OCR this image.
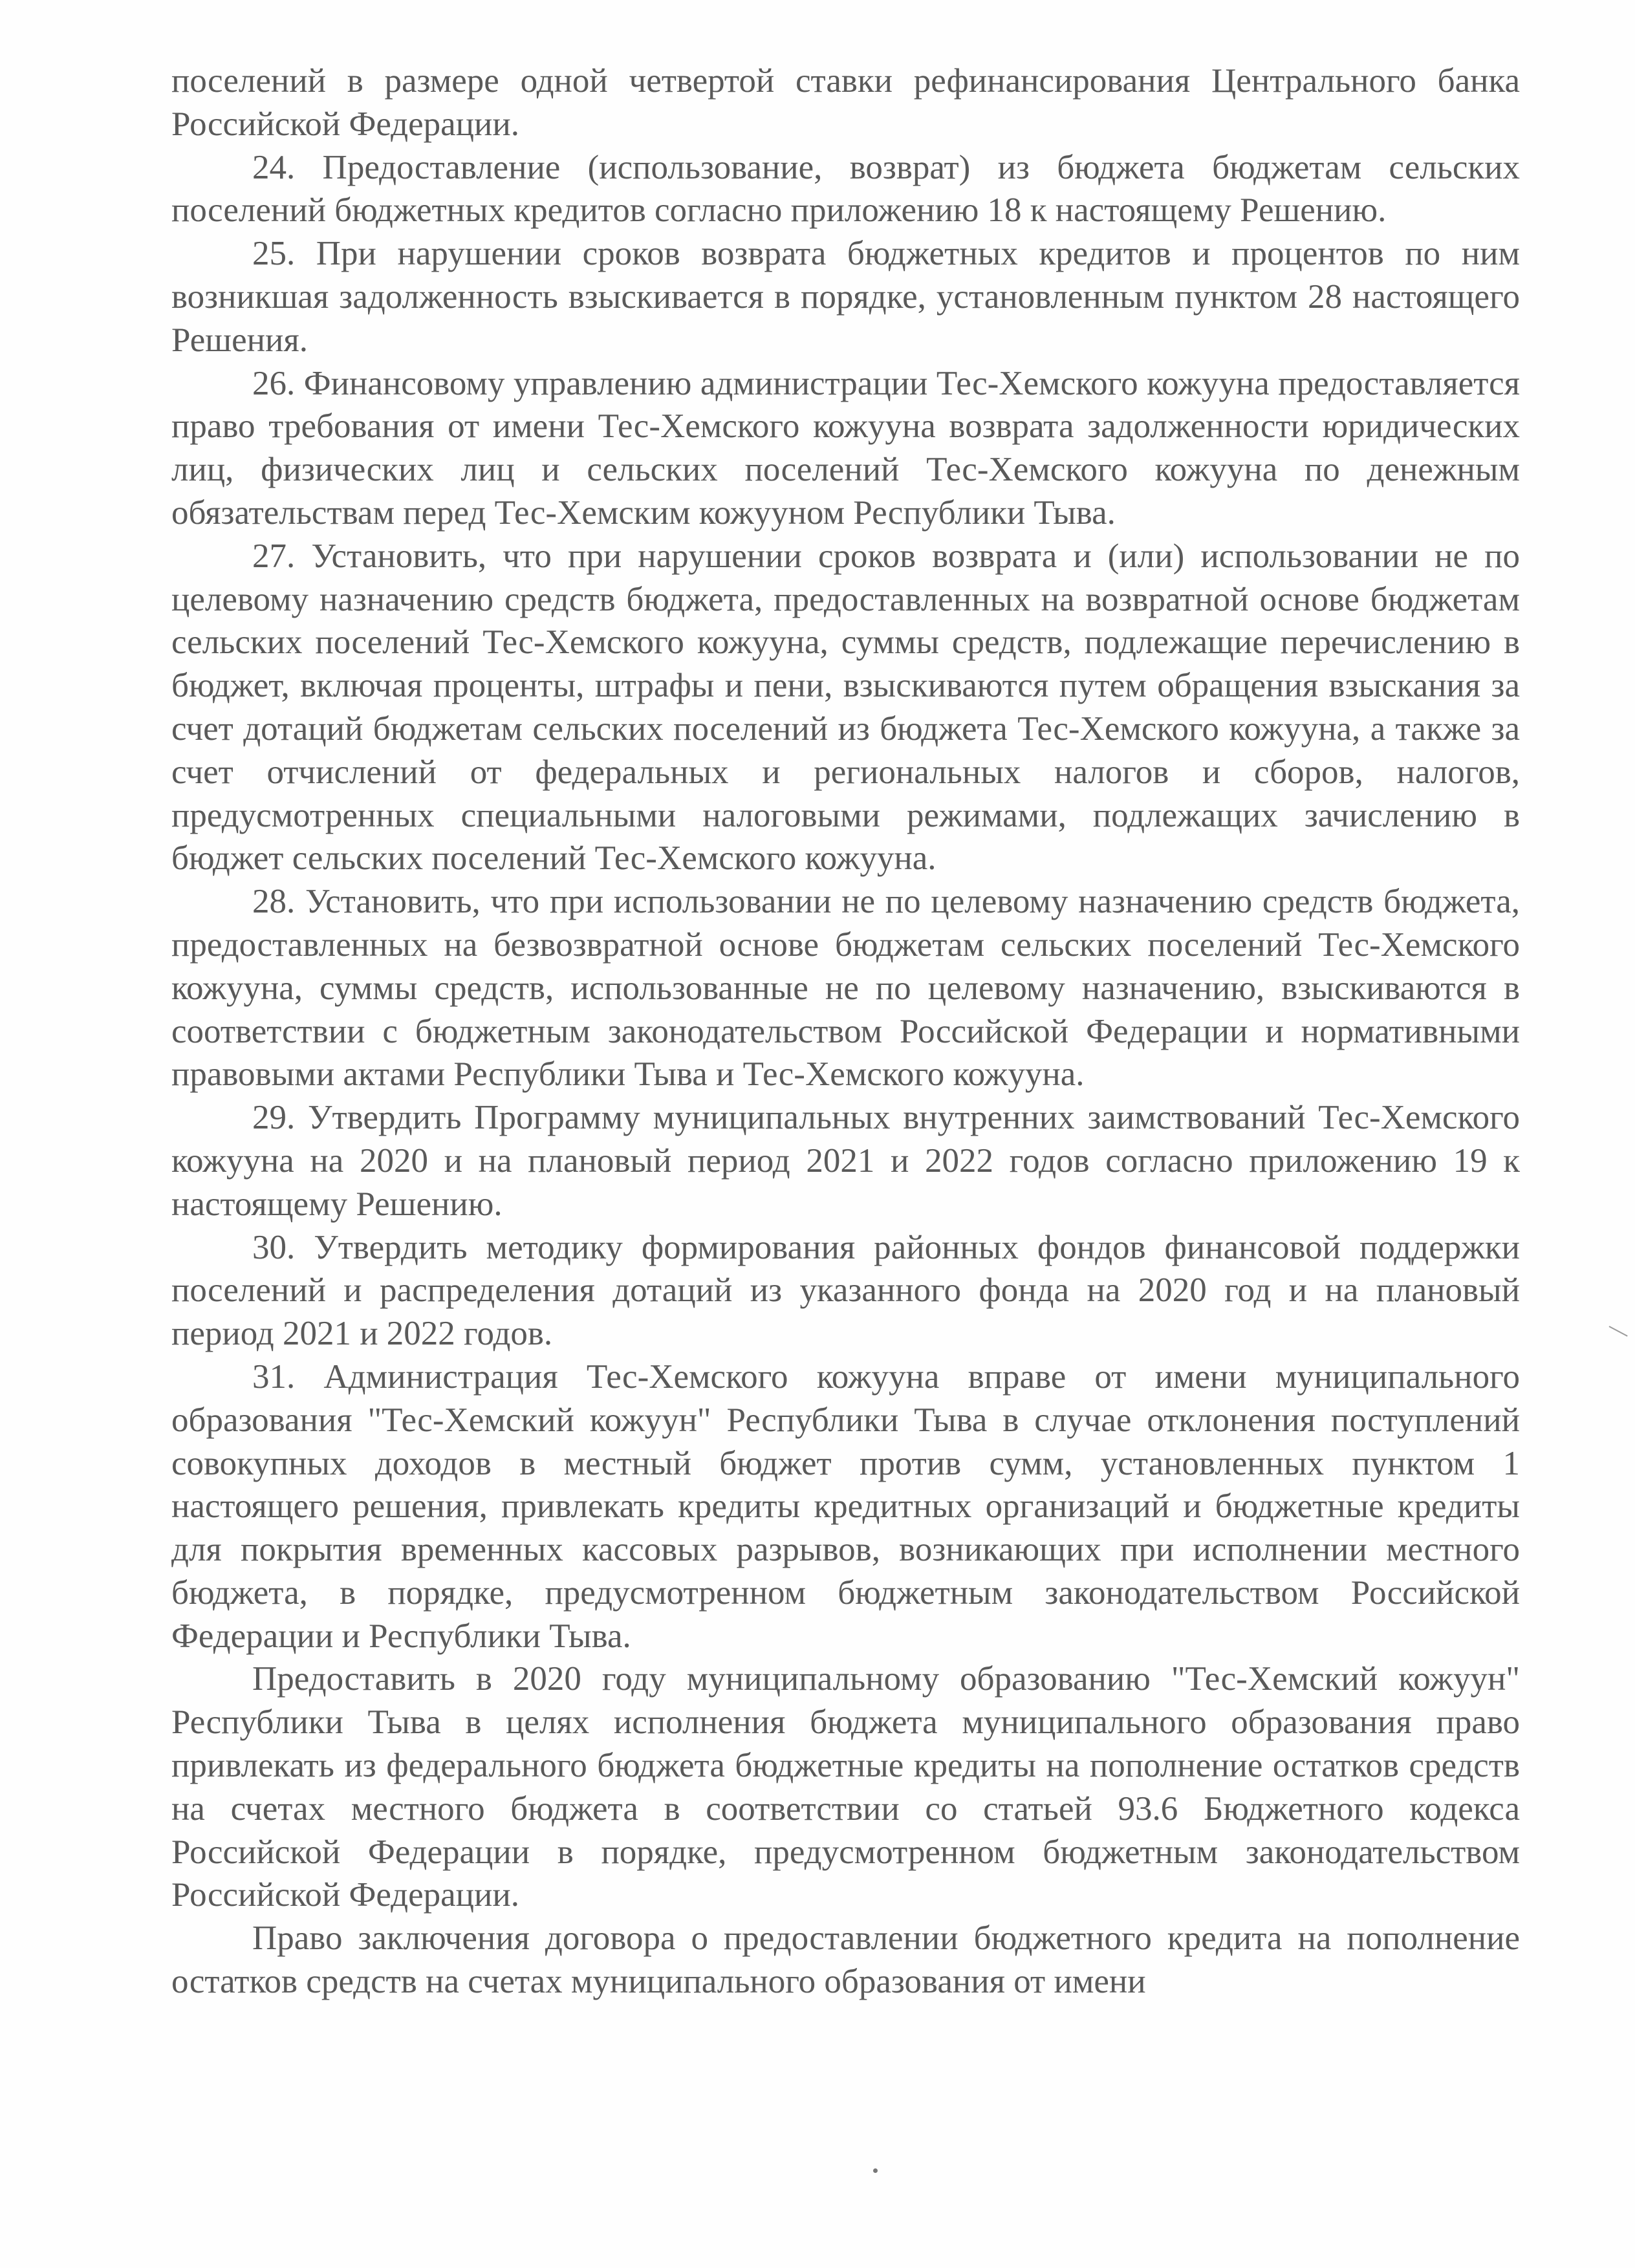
поселений в размере одной четвертой ставки рефинансирования Центрального банка Российской Федерации.

24. Предоставление (использование, возврат) из бюджета бюджетам сельских поселений бюджетных кредитов согласно приложению 18 к настоящему Решению.

25. При нарушении сроков возврата бюджетных кредитов и процентов по ним возникшая задолженность взыскивается в порядке, установленным пунктом 28 настоящего Решения.

26. Финансовому управлению администрации Тес-Хемского кожууна предоставляется право требования от имени Тес-Хемского кожууна возврата задолженности юридических лиц, физических лиц и сельских поселений Тес-Хемского кожууна по денежным обязательствам перед Тес-Хемским кожууном Республики Тыва.

27. Установить, что при нарушении сроков возврата и (или) использовании не по целевому назначению средств бюджета, предоставленных на возвратной основе бюджетам сельских поселений Тес-Хемского кожууна, суммы средств, подлежащие перечислению в бюджет, включая проценты, штрафы и пени, взыскиваются путем обращения взыскания за счет дотаций бюджетам сельских поселений из бюджета Тес-Хемского кожууна, а также за счет отчислений от федеральных и региональных налогов и сборов, налогов, предусмотренных специальными налоговыми режимами, подлежащих зачислению в бюджет сельских поселений Тес-Хемского кожууна.

28. Установить, что при использовании не по целевому назначению средств бюджета, предоставленных на безвозвратной основе бюджетам сельских поселений Тес-Хемского кожууна, суммы средств, использованные не по целевому назначению, взыскиваются в соответствии с бюджетным законодательством Российской Федерации и нормативными правовыми актами Республики Тыва и Тес-Хемского кожууна.

29. Утвердить Программу муниципальных внутренних заимствований Тес-Хемского кожууна на 2020 и на плановый период 2021 и 2022 годов согласно приложению 19 к настоящему Решению.

30. Утвердить методику формирования районных фондов финансовой поддержки поселений и распределения дотаций из указанного фонда на 2020 год и на плановый период 2021 и 2022 годов.

31. Администрация Тес-Хемского кожууна вправе от имени муниципального образования "Тес-Хемский кожуун" Республики Тыва в случае отклонения поступлений совокупных доходов в местный бюджет против сумм, установленных пунктом 1 настоящего решения, привлекать кредиты кредитных организаций и бюджетные кредиты для покрытия временных кассовых разрывов, возникающих при исполнении местного бюджета, в порядке, предусмотренном бюджетным законодательством Российской Федерации и Республики Тыва.

Предоставить в 2020 году муниципальному образованию "Тес-Хемский кожуун" Республики Тыва в целях исполнения бюджета муниципального образования право привлекать из федерального бюджета бюджетные кредиты на пополнение остатков средств на счетах местного бюджета в соответствии со статьей 93.6 Бюджетного кодекса Российской Федерации в порядке, предусмотренном бюджетным законодательством Российской Федерации.

Право заключения договора о предоставлении бюджетного кредита на пополнение остатков средств на счетах муниципального образования от имени
